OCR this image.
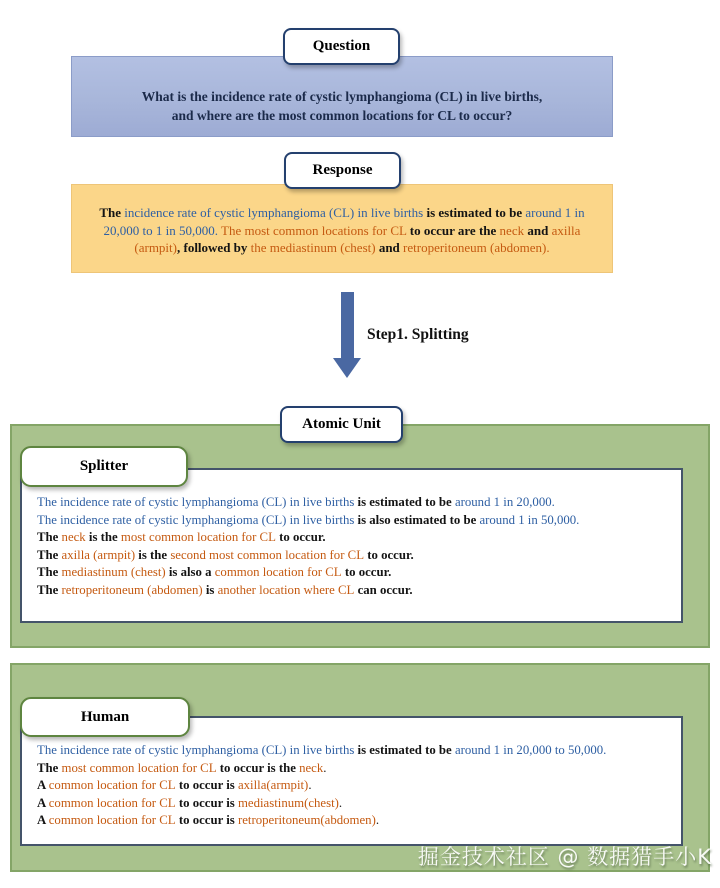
Question
What is the incidence rate of cystic lymphangioma (CL) in live births,
and where are the most common locations for CL to occur?
Response
The incidence rate of cystic lymphangioma (CL) in live births is estimated to be around 1 in 20,000 to 1 in 50,000. The most common locations for CL to occur are the neck and axilla (armpit), followed by the mediastinum (chest) and retroperitoneum (abdomen).
Step1. Splitting
Atomic Unit
The incidence rate of cystic lymphangioma (CL) in live births is estimated to be around 1 in 20,000.
The incidence rate of cystic lymphangioma (CL) in live births is also estimated to be around 1 in 50,000.
The neck is the most common location for CL to occur.
The axilla (armpit) is the second most common location for CL to occur.
The mediastinum (chest) is also a common location for CL to occur.
The retroperitoneum (abdomen) is another location where CL can occur.
Splitter
The incidence rate of cystic lymphangioma (CL) in live births is estimated to be around 1 in 20,000 to 50,000.
The most common location for CL to occur is the neck.
A common location for CL to occur is axilla(armpit).
A common location for CL to occur is mediastinum(chest).
A common location for CL to occur is retroperitoneum(abdomen).
Human
掘金技术社区 @ 数据猎手小K
